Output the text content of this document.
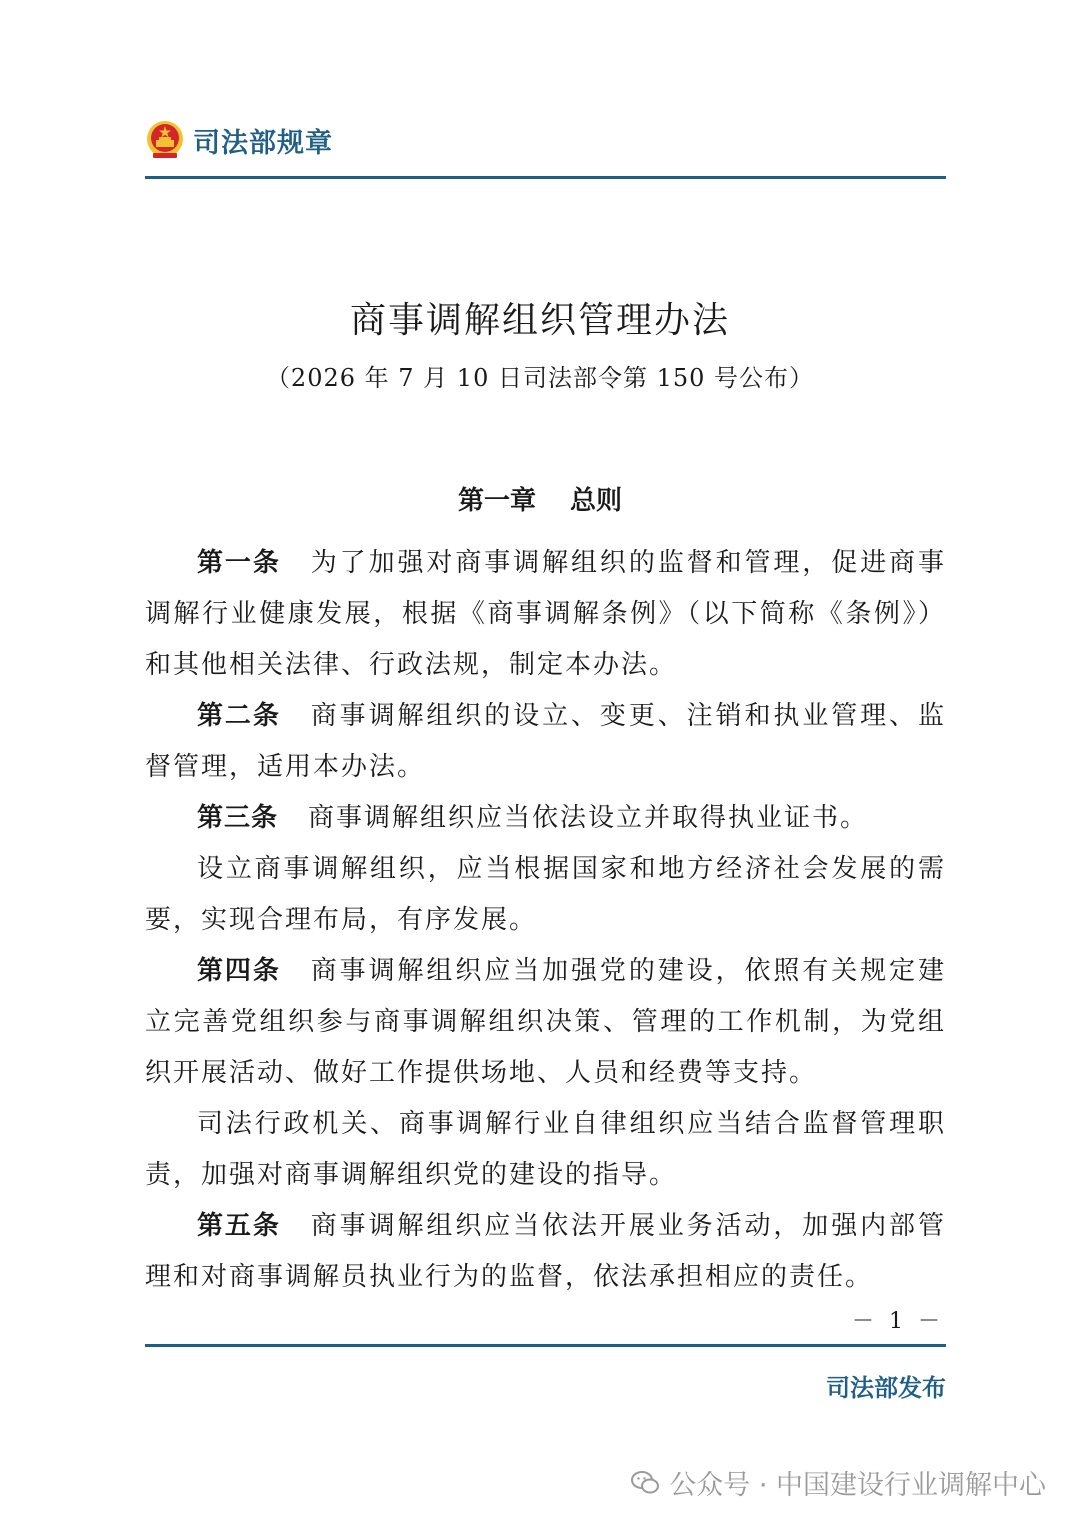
司法部规章
商事调解组织管理办法
（2026 年 7 月 10 日司法部令第 150 号公布）
第一章 总则

第一条 为了加强对商事调解组织的监督和管理，促进商事调解行业健康发展，根据《商事调解条例》（以下简称《条例》）和其他相关法律、行政法规，制定本办法。

第二条 商事调解组织的设立、变更、注销和执业管理、监督管理，适用本办法。

第三条 商事调解组织应当依法设立并取得执业证书。

设立商事调解组织，应当根据国家和地方经济社会发展的需要，实现合理布局，有序发展。

第四条 商事调解组织应当加强党的建设，依照有关规定建立完善党组织参与商事调解组织决策、管理的工作机制，为党组织开展活动、做好工作提供场地、人员和经费等支持。

司法行政机关、商事调解行业自律组织应当结合监督管理职责，加强对商事调解组织党的建设的指导。

第五条 商事调解组织应当依法开展业务活动，加强内部管理和对商事调解员执业行为的监督，依法承担相应的责任。

－ 1 －
司法部发布
公众号 · 中国建设行业调解中心
